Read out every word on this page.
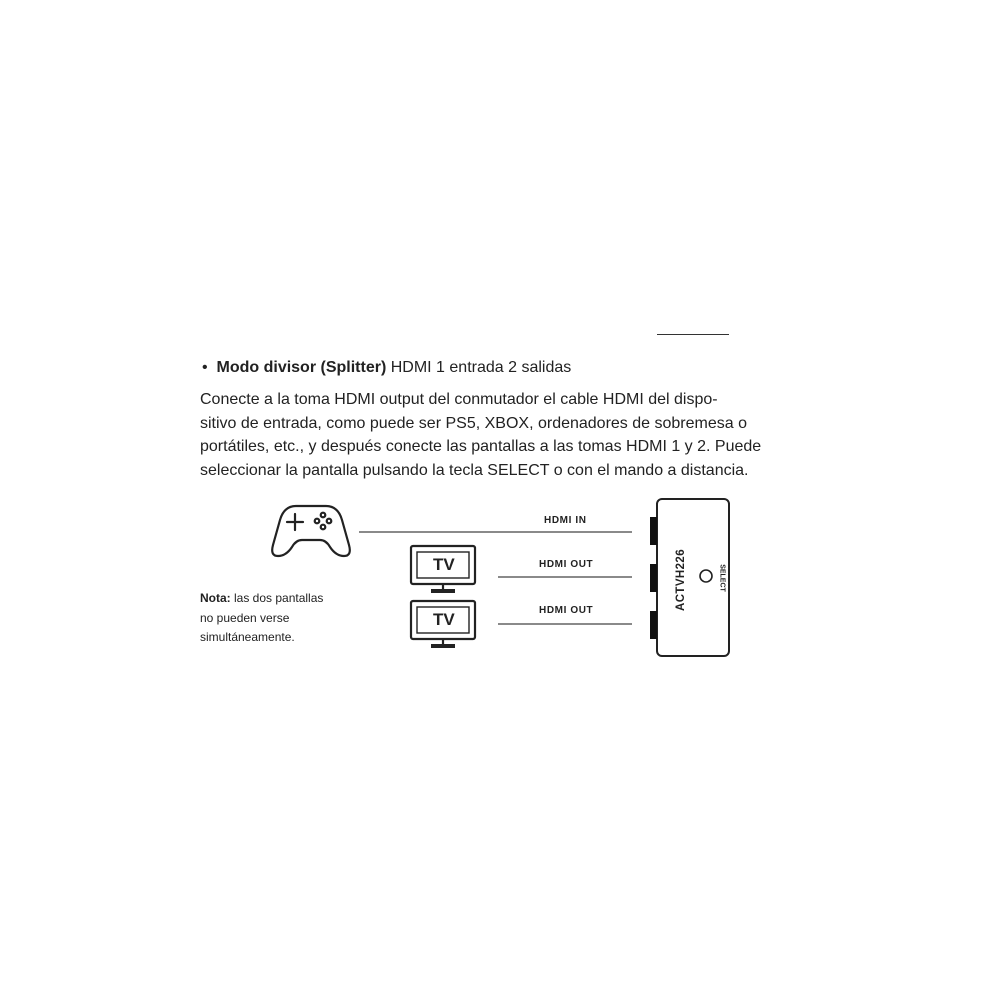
• Modo divisor (Splitter) HDMI 1 entrada 2 salidas
Conecte a la toma HDMI output del conmutador el cable HDMI del dispo-
sitivo de entrada, como puede ser PS5, XBOX, ordenadores de sobremesa o
portátiles, etc., y después conecte las pantallas a las tomas HDMI 1 y 2. Puede
seleccionar la pantalla pulsando la tecla SELECT o con el mando a distancia.
HDMI IN
HDMI OUT
HDMI OUT
TV
TV
ACTVH226	SELECT
Nota: las dos pantallas
no pueden verse
simultáneamente.
